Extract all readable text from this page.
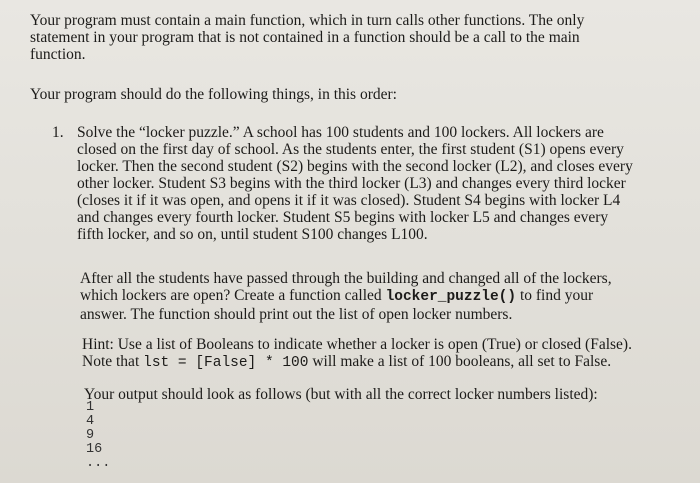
Your program must contain a main function, which in turn calls other functions. The only
statement in your program that is not contained in a function should be a call to the main
function.
Your program should do the following things, in this order:
1. Solve the “locker puzzle.” A school has 100 students and 100 lockers. All lockers are
closed on the first day of school. As the students enter, the first student (S1) opens every
locker. Then the second student (S2) begins with the second locker (L2), and closes every
other locker. Student S3 begins with the third locker (L3) and changes every third locker
(closes it if it was open, and opens it if it was closed). Student S4 begins with locker L4
and changes every fourth locker. Student S5 begins with locker L5 and changes every
fifth locker, and so on, until student S100 changes L100.
After all the students have passed through the building and changed all of the lockers,
which lockers are open? Create a function called locker_puzzle() to find your
answer. The function should print out the list of open locker numbers.
Hint: Use a list of Booleans to indicate whether a locker is open (True) or closed (False).
Note that lst = [False] * 100 will make a list of 100 booleans, all set to False.
Your output should look as follows (but with all the correct locker numbers listed):
1
4
9
16
...
